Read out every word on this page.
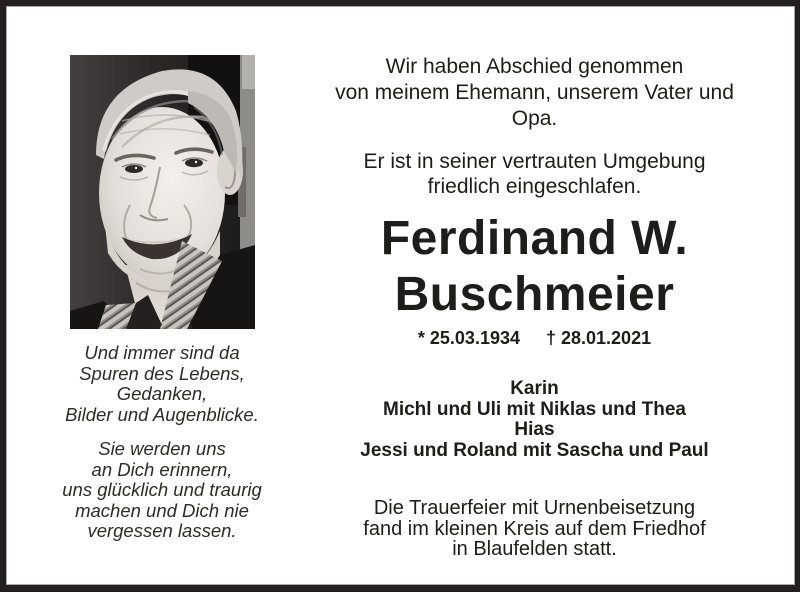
Und immer sind da
Spuren des Lebens,
Gedanken,
Bilder und Augenblicke.
Sie werden uns
an Dich erinnern,
uns glücklich und traurig
machen und Dich nie
vergessen lassen.
Wir haben Abschied genommen
von meinem Ehemann, unserem Vater und Opa.
Er ist in seiner vertrauten Umgebung
friedlich eingeschlafen.
Ferdinand W.
Buschmeier
* 25.03.1934 † 28.01.2021
Karin
Michl und Uli mit Niklas und Thea
Hias
Jessi und Roland mit Sascha und Paul
Die Trauerfeier mit Urnenbeisetzung
fand im kleinen Kreis auf dem Friedhof
in Blaufelden statt.
